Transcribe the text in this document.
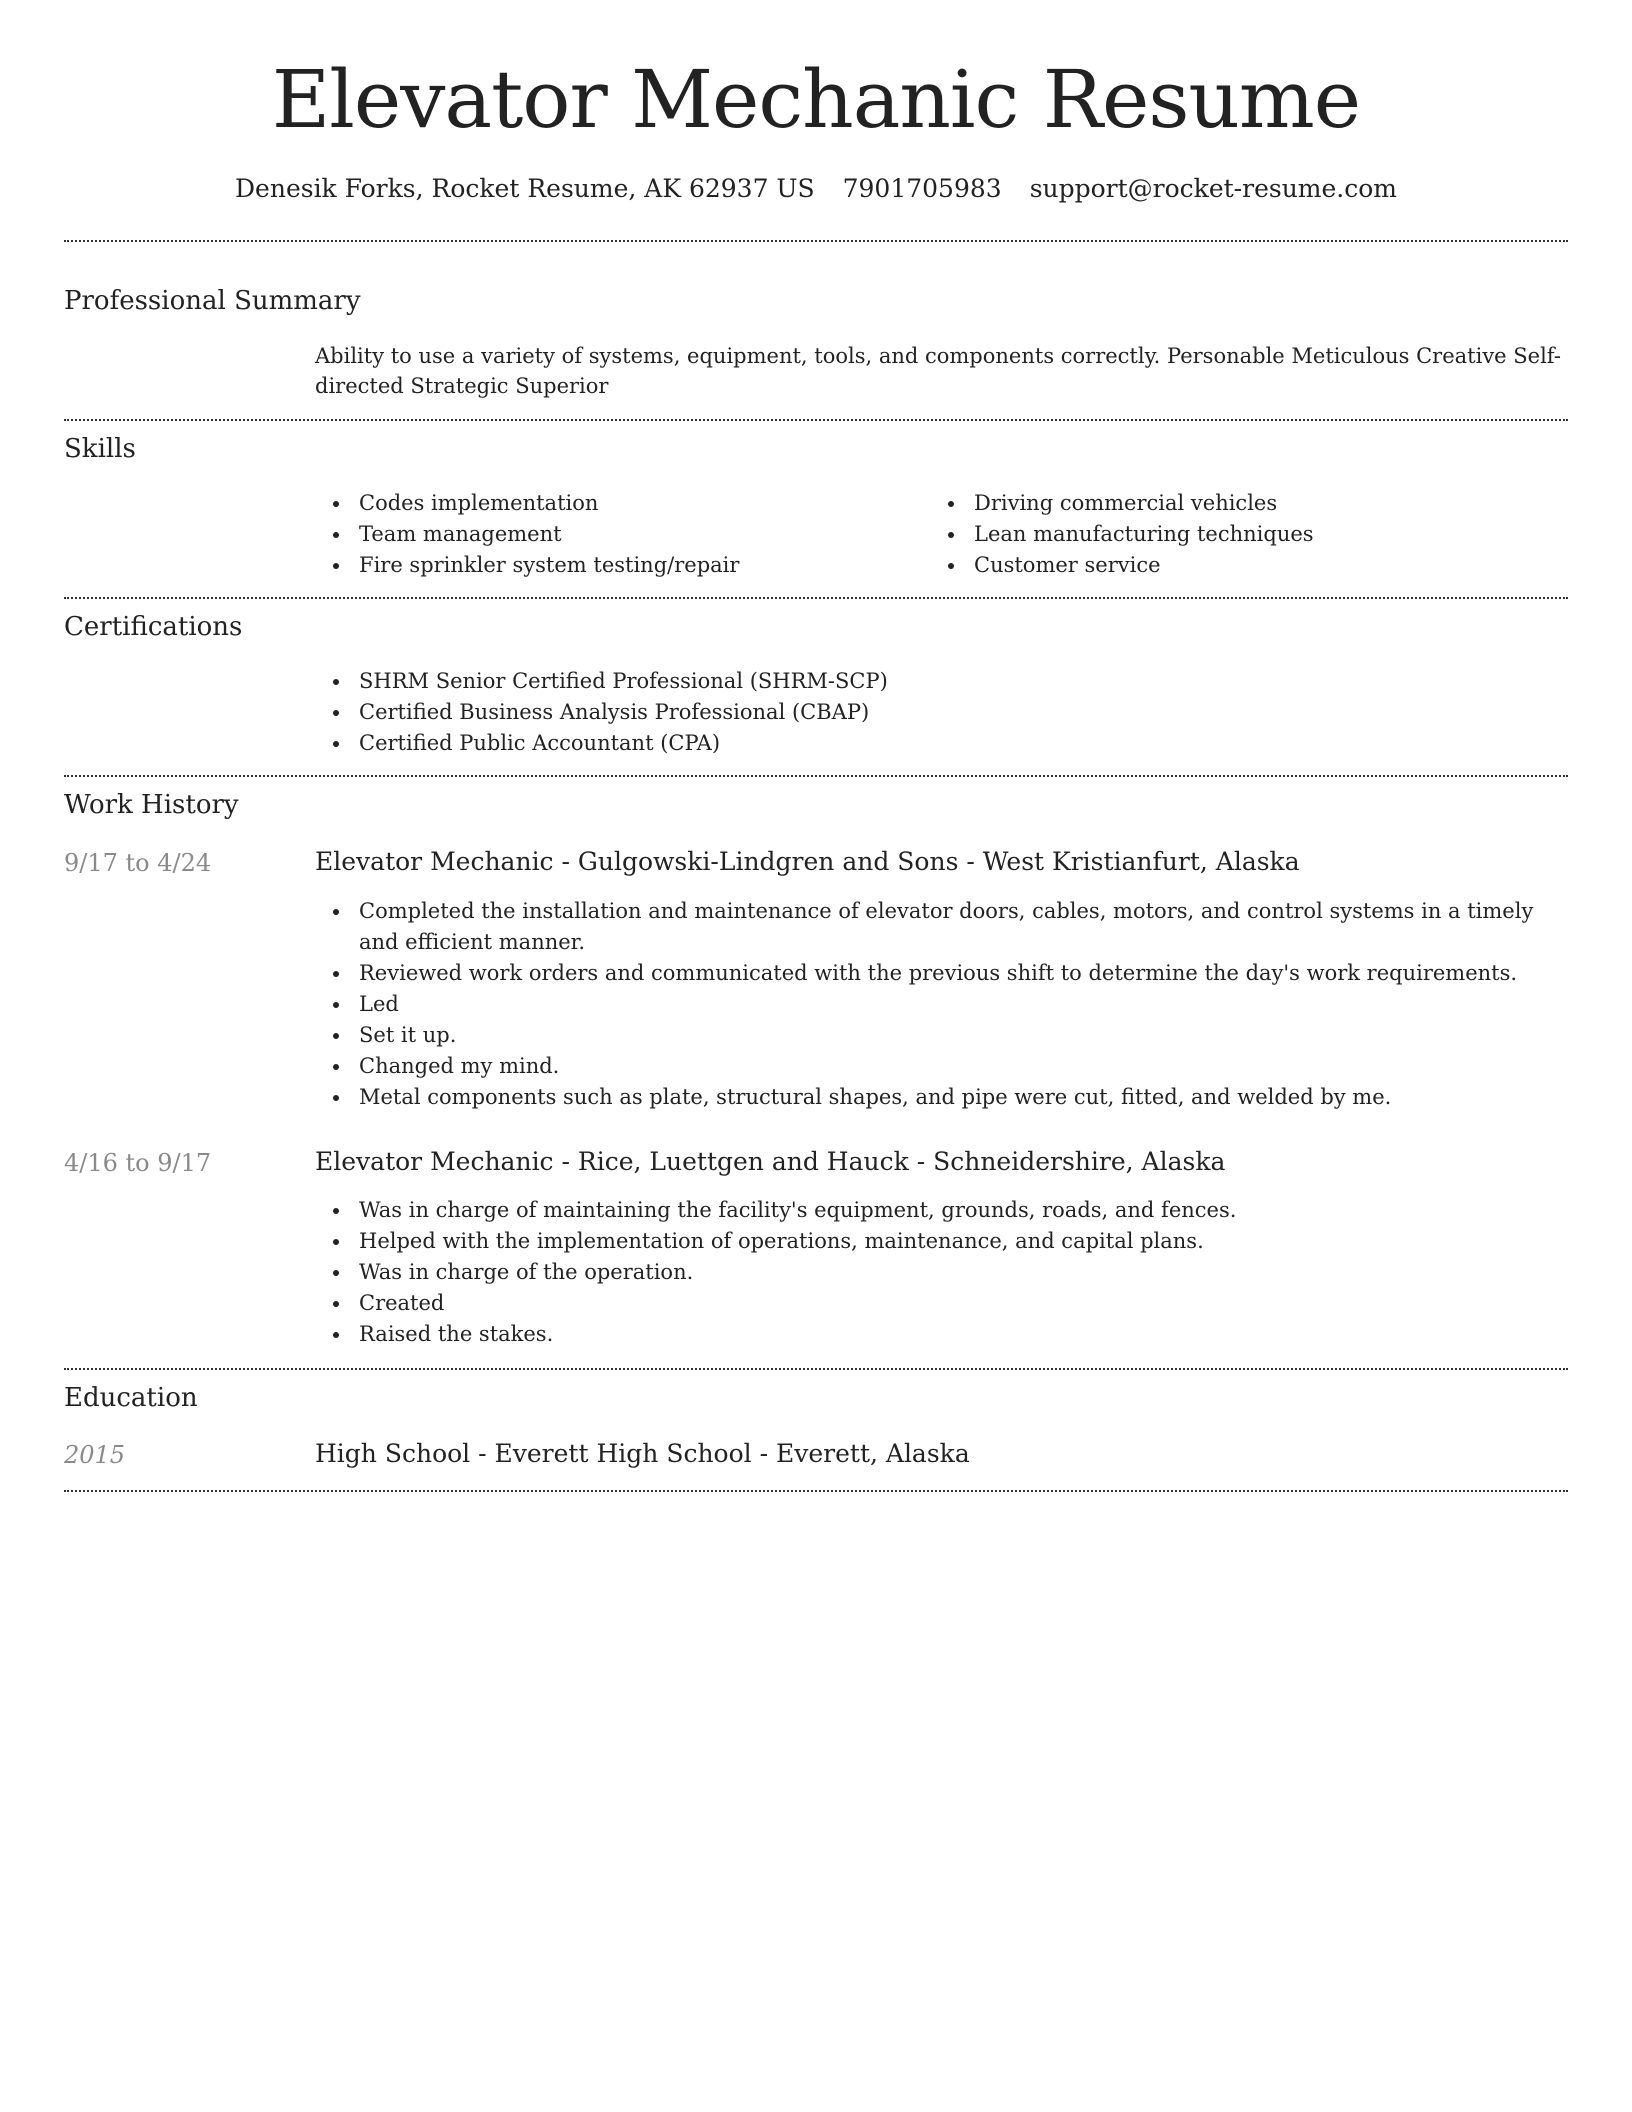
Elevator Mechanic Resume
Denesik Forks, Rocket Resume, AK 62937 US 7901705983 support@rocket-resume.com
Professional Summary
Ability to use a variety of systems, equipment, tools, and components correctly. Personable Meticulous Creative Self-directed Strategic Superior
Skills
Codes implementation
Team management
Fire sprinkler system testing/repair
Driving commercial vehicles
Lean manufacturing techniques
Customer service
Certifications
SHRM Senior Certified Professional (SHRM-SCP)
Certified Business Analysis Professional (CBAP)
Certified Public Accountant (CPA)
Work History
9/17 to 4/24	Elevator Mechanic - Gulgowski-Lindgren and Sons - West Kristianfurt, Alaska
Completed the installation and maintenance of elevator doors, cables, motors, and control systems in a timely and efficient manner.
Reviewed work orders and communicated with the previous shift to determine the day's work requirements.
Led
Set it up.
Changed my mind.
Metal components such as plate, structural shapes, and pipe were cut, fitted, and welded by me.
4/16 to 9/17	Elevator Mechanic - Rice, Luettgen and Hauck - Schneidershire, Alaska
Was in charge of maintaining the facility's equipment, grounds, roads, and fences.
Helped with the implementation of operations, maintenance, and capital plans.
Was in charge of the operation.
Created
Raised the stakes.
Education
2015	High School - Everett High School - Everett, Alaska
